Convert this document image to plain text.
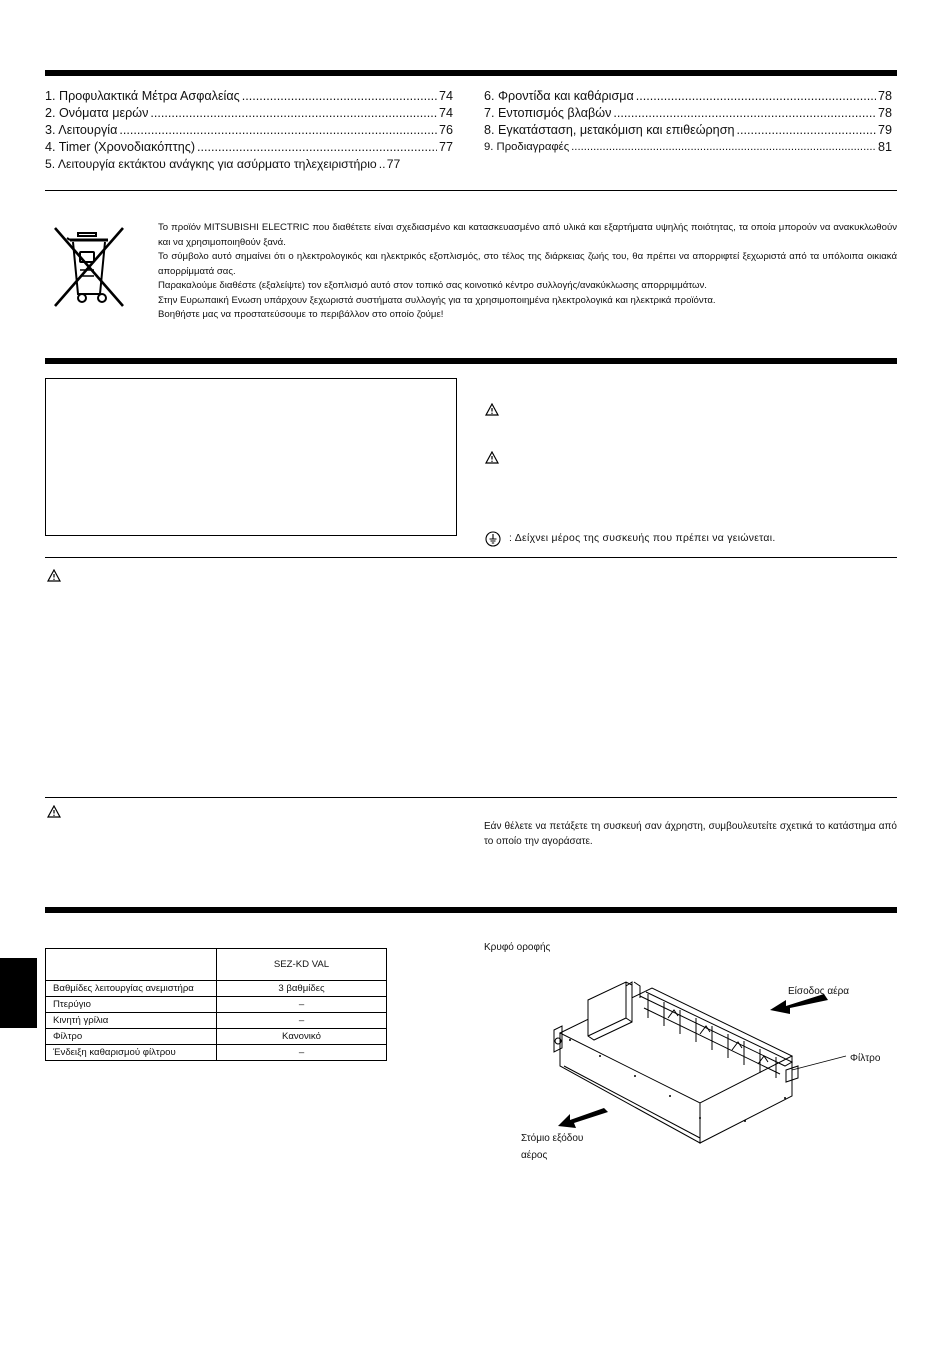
1. Προφυλακτικά Μέτρα Ασφαλείας .....	74
2. Ονόματα μερών .....	74
3. Λειτουργία .....	76
4. Timer (Χρονοδιακόπτης) .....	77
5. Λειτουργία εκτάκτου ανάγκης για ασύρματο τηλεχειριστήριο ..... 77
6. Φροντίδα και καθάρισμα .....	78
7. Εντοπισμός βλαβών .....	78
8. Εγκατάσταση, μετακόμιση και επιθεώρηση .....	79
9. Προδιαγραφές .....	81

Το προϊόν MITSUBISHI ELECTRIC που διαθέτετε είναι σχεδιασμένο και κατασκευασμένο από υλικά και εξαρτήματα υψηλής ποιότητας, τα οποία μπορούν να ανακυκλωθούν και να χρησιμοποιηθούν ξανά.

Το σύμβολο αυτό σημαίνει ότι ο ηλεκτρολογικός και ηλεκτρικός εξοπλισμός, στο τέλος της διάρκειας ζωής του, θα πρέπει να απορριφτεί ξεχωριστά από τα υπόλοιπα οικιακά απορρίμματά σας.

Παρακαλούμε διαθέστε (εξαλείψτε) τον εξοπλισμό αυτό στον τοπικό σας κοινοτικό κέντρο συλλογής/ανακύκλωσης απορριμμάτων.

Στην Ευρωπαική Ενωση υπάρχουν ξεχωριστά συστήματα συλλογής για τα χρησιμοποιημένα ηλεκτρολογικά και ηλεκτρικά προϊόντα.

Βοηθήστε μας να προστατεύσουμε το περιβάλλον στο οποίο ζούμε!

: Δείχνει μέρος της συσκευής που πρέπει να γειώνεται.
Εάν θέλετε να πετάξετε τη συσκευή σαν άχρηστη, συμβουλευτείτε σχετικά το κατάστημα από το οποίο την αγοράσατε.
	SEZ-KD VAL
Βαθμίδες λειτουργίας ανεμιστήρα	3 βαθμίδες
Πτερύγιο	–
Κινητή γρίλια	–
Φίλτρο	Κανονικό
Ένδειξη καθαρισμού φίλτρου	–
Κρυφό οροφής
Είσοδος αέρα
Φίλτρο
Στόμιο εξόδου
αέρος
